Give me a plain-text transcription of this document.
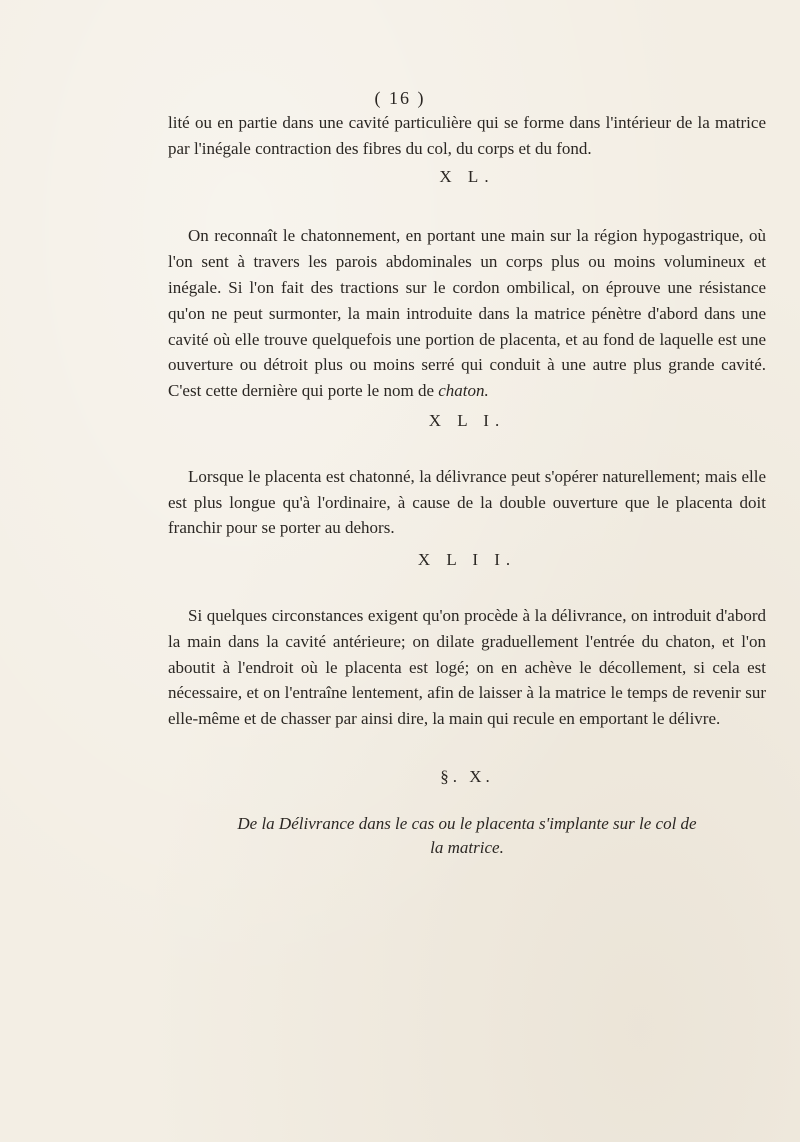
( 16 )

lité ou en partie dans une cavité particulière qui se forme dans l'intérieur de la matrice par l'inégale contraction des fibres du col, du corps et du fond.

X L.

On reconnaît le chatonnement, en portant une main sur la région hypogastrique, où l'on sent à travers les parois abdominales un corps plus ou moins volumineux et inégale. Si l'on fait des tractions sur le cordon ombilical, on éprouve une résistance qu'on ne peut surmonter, la main introduite dans la matrice pénètre d'abord dans une cavité où elle trouve quelquefois une portion de placenta, et au fond de laquelle est une ouverture ou détroit plus ou moins serré qui conduit à une autre plus grande cavité. C'est cette dernière qui porte le nom de chaton.

X L I.

Lorsque le placenta est chatonné, la délivrance peut s'opérer naturellement; mais elle est plus longue qu'à l'ordinaire, à cause de la double ouverture que le placenta doit franchir pour se porter au dehors.

X L I I.

Si quelques circonstances exigent qu'on procède à la délivrance, on introduit d'abord la main dans la cavité antérieure; on dilate graduellement l'entrée du chaton, et l'on aboutit à l'endroit où le placenta est logé; on en achève le décollement, si cela est nécessaire, et on l'entraîne lentement, afin de laisser à la matrice le temps de revenir sur elle-même et de chasser par ainsi dire, la main qui recule en emportant le délivre.

§. X.

De la Délivrance dans le cas ou le placenta s'implante sur le col de
la matrice.
